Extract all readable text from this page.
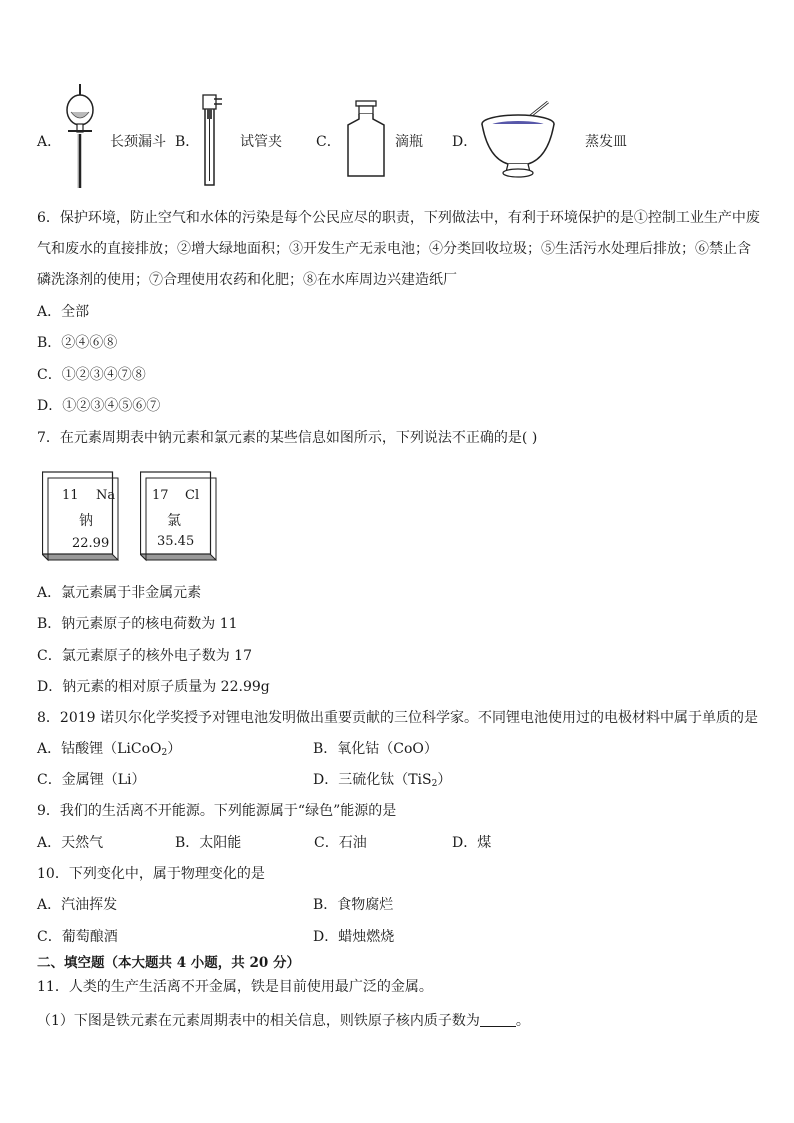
A．	长颈漏斗 B．	试管夹 C．	滴瓶 D．	蒸发皿
6．保护环境，防止空气和水体的污染是每个公民应尽的职责，下列做法中，有利于环境保护的是①控制工业生产中废
气和废水的直接排放；②增大绿地面积；③开发生产无汞电池；④分类回收垃圾；⑤生活污水处理后排放；⑥禁止含
磷洗涤剂的使用；⑦合理使用农药和化肥；⑧在水库周边兴建造纸厂
A．全部
B．②④⑥⑧
C．①②③④⑦⑧
D．①②③④⑤⑥⑦
7．在元素周期表中钠元素和氯元素的某些信息如图所示，下列说法不正确的是( )
11 Na
钠
22.99
17 Cl
氯
35.45
A．氯元素属于非金属元素
B．钠元素原子的核电荷数为 11
C．氯元素原子的核外电子数为 17
D．钠元素的相对原子质量为 22.99g
8．2019 诺贝尔化学奖授予对锂电池发明做出重要贡献的三位科学家。不同锂电池使用过的电极材料中属于单质的是
A．钴酸锂（LiCoO$_2$）	B．氧化钴（CoO）
C．金属锂（Li）	D．三硫化钛（TiS$_2$）
9．我们的生活离不开能源。下列能源属于“绿色”能源的是
A．天然气	B．太阳能	C．石油	D．煤
10．下列变化中，属于物理变化的是
A．汽油挥发	B．食物腐烂
C．葡萄酿酒	D．蜡烛燃烧
二、填空题（本大题共 4 小题，共 20 分）
11．人类的生产生活离不开金属，铁是目前使用最广泛的金属。
（1）下图是铁元素在元素周期表中的相关信息，则铁原子核内质子数为	。
